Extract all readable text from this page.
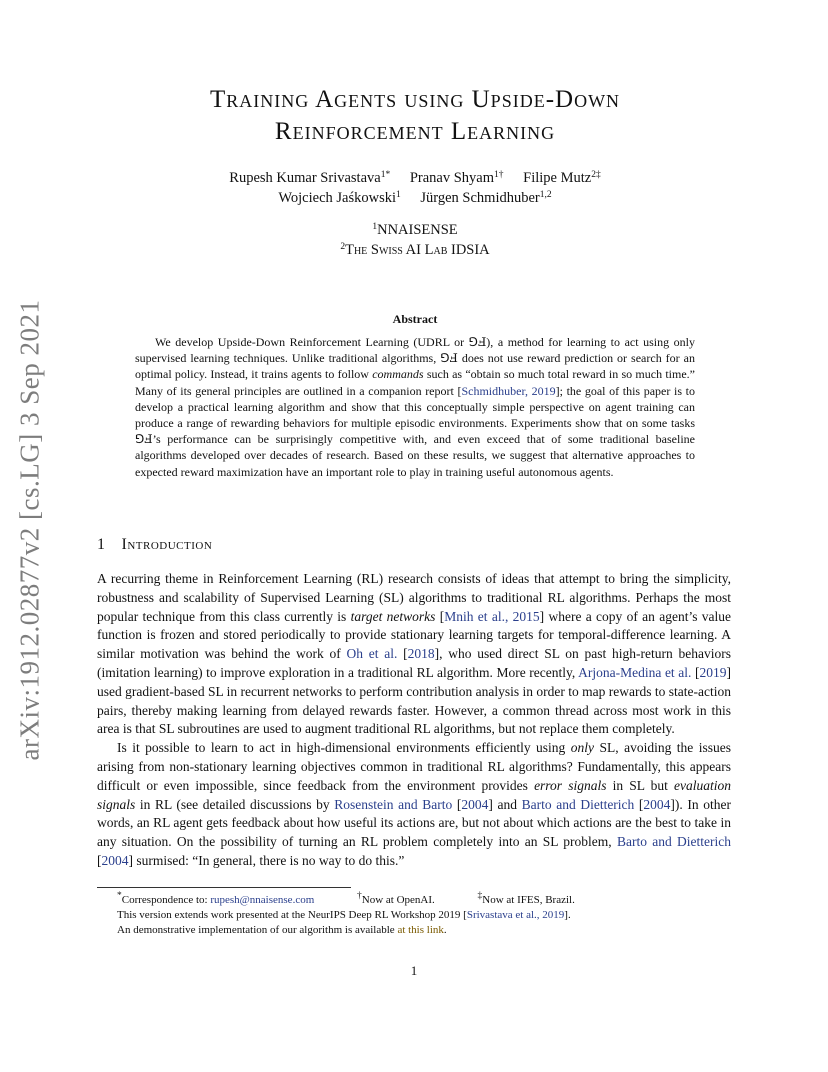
arXiv:1912.02877v2 [cs.LG] 3 Sep 2021
Training Agents using Upside-Down
Reinforcement Learning
Rupesh Kumar Srivastava$^{1*}$ Pranav Shyam$^{1\dagger}$ Filipe Mutz$^{2\ddagger}$
Wojciech Jaśkowski$^1$ Jürgen Schmidhuber$^{1,2}$
$^1$NNAISENSE
$^2$The Swiss AI Lab IDSIA
Abstract

We develop Upside-Down Reinforcement Learning (UDRL or ⅁Ⅎ), a method for learning to act using only supervised learning techniques. Unlike traditional algorithms, ⅁Ⅎ does not use reward prediction or search for an optimal policy. Instead, it trains agents to follow commands such as “obtain so much total reward in so much time.” Many of its general principles are outlined in a companion report [Schmidhuber, 2019]; the goal of this paper is to develop a practical learning algorithm and show that this conceptually simple perspective on agent training can produce a range of rewarding behaviors for multiple episodic environments. Experiments show that on some tasks ⅁Ⅎ’s performance can be surprisingly competitive with, and even exceed that of some traditional baseline algorithms developed over decades of research. Based on these results, we suggest that alternative approaches to expected reward maximization have an important role to play in training useful autonomous agents.

1 Introduction

A recurring theme in Reinforcement Learning (RL) research consists of ideas that attempt to bring the simplicity, robustness and scalability of Supervised Learning (SL) algorithms to traditional RL algorithms. Perhaps the most popular technique from this class currently is target networks [Mnih et al., 2015] where a copy of an agent’s value function is frozen and stored periodically to provide stationary learning targets for temporal-difference learning. A similar motivation was behind the work of Oh et al. [2018], who used direct SL on past high-return behaviors (imitation learning) to improve exploration in a traditional RL algorithm. More recently, Arjona-Medina et al. [2019] used gradient-based SL in recurrent networks to perform contribution analysis in order to map rewards to state-action pairs, thereby making learning from delayed rewards faster. However, a common thread across most work in this area is that SL subroutines are used to augment traditional RL algorithms, but not replace them completely.

Is it possible to learn to act in high-dimensional environments efficiently using only SL, avoiding the issues arising from non-stationary learning objectives common in traditional RL algorithms? Fundamentally, this appears difficult or even impossible, since feedback from the environment provides error signals in SL but evaluation signals in RL (see detailed discussions by Rosenstein and Barto [2004] and Barto and Dietterich [2004]). In other words, an RL agent gets feedback about how useful its actions are, but not about which actions are the best to take in any situation. On the possibility of turning an RL problem completely into an SL problem, Barto and Dietterich [2004] surmised: “In general, there is no way to do this.”

*Correspondence to: rupesh@nnaisense.com	†Now at OpenAI.	‡Now at IFES, Brazil.
This version extends work presented at the NeurIPS Deep RL Workshop 2019 [Srivastava et al., 2019].
An demonstrative implementation of our algorithm is available at this link.
1
